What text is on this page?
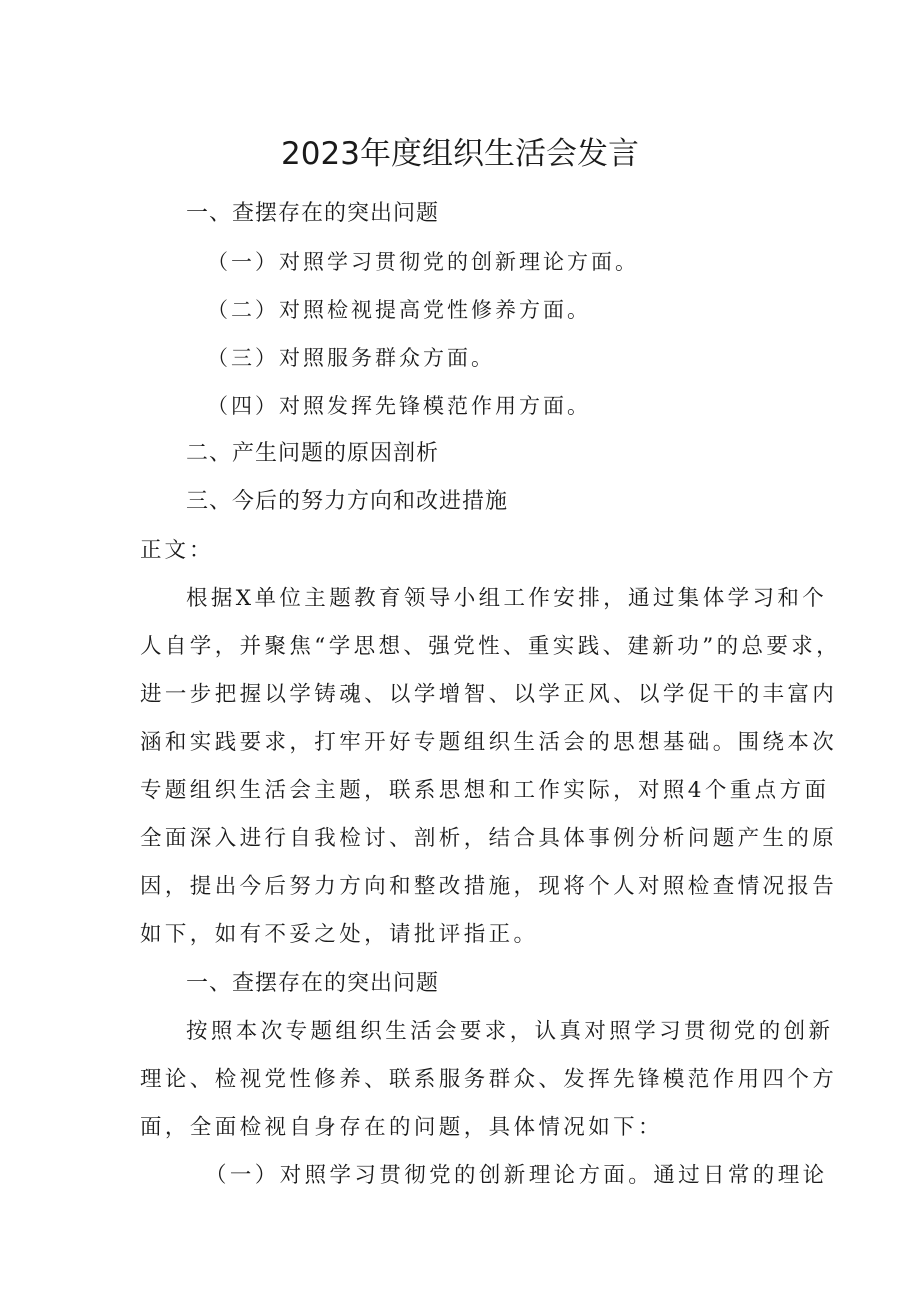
2023年度组织生活会发言

一、查摆存在的突出问题

（一）对照学习贯彻党的创新理论方面。

（二）对照检视提高党性修养方面。

（三）对照服务群众方面。

（四）对照发挥先锋模范作用方面。

二、产生问题的原因剖析

三、今后的努力方向和改进措施

正文：

根据X单位主题教育领导小组工作安排，通过集体学习和个

人自学，并聚焦“学思想、强党性、重实践、建新功”的总要求，

进一步把握以学铸魂、以学增智、以学正风、以学促干的丰富内

涵和实践要求，打牢开好专题组织生活会的思想基础。围绕本次

专题组织生活会主题，联系思想和工作实际，对照4个重点方面

全面深入进行自我检讨、剖析，结合具体事例分析问题产生的原

因，提出今后努力方向和整改措施，现将个人对照检查情况报告

如下，如有不妥之处，请批评指正。

一、查摆存在的突出问题

按照本次专题组织生活会要求，认真对照学习贯彻党的创新

理论、检视党性修养、联系服务群众、发挥先锋模范作用四个方

面，全面检视自身存在的问题，具体情况如下：

（一）对照学习贯彻党的创新理论方面。通过日常的理论
